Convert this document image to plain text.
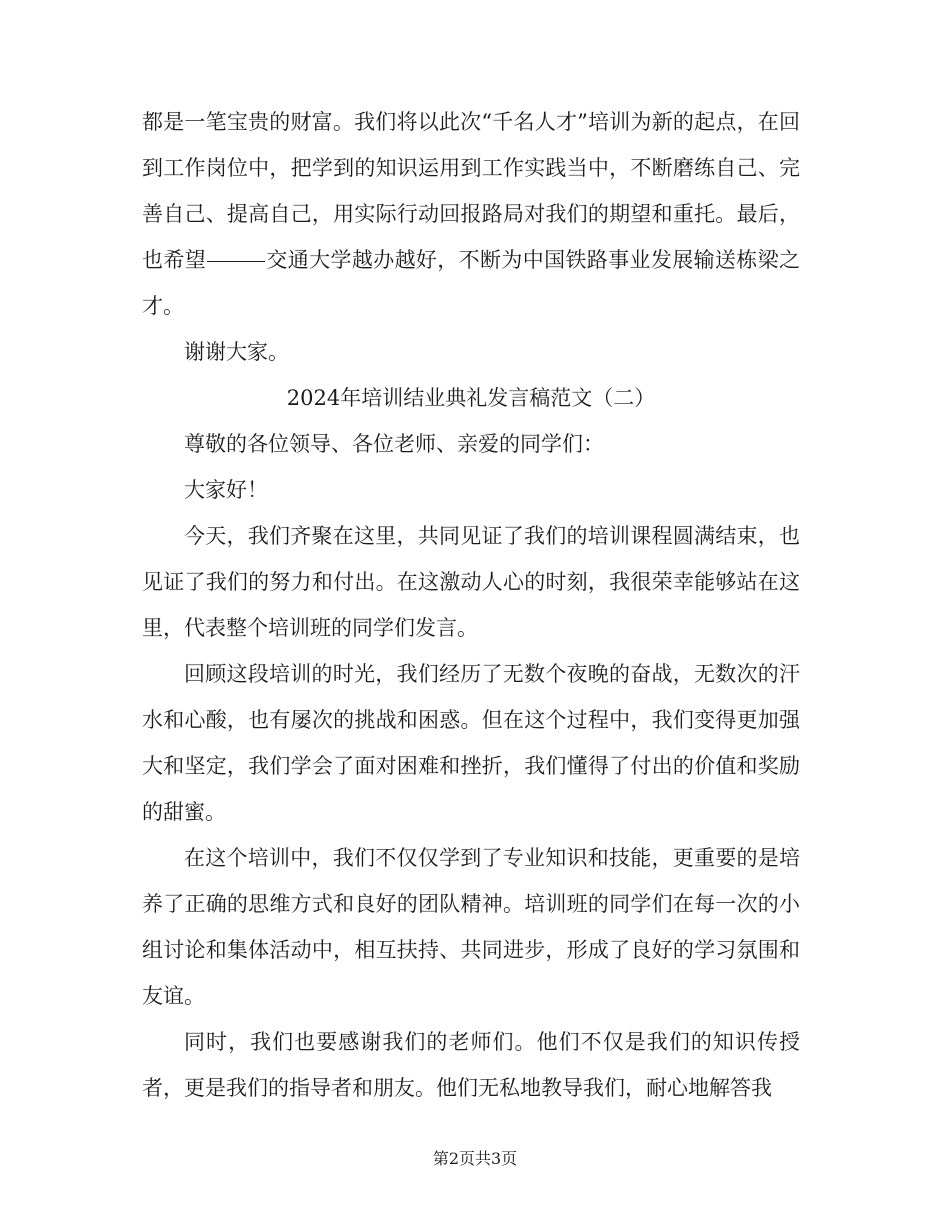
都是一笔宝贵的财富。我们将以此次“千名人才”培训为新的起点，在回到工作岗位中，把学到的知识运用到工作实践当中，不断磨练自己、完善自己、提高自己，用实际行动回报路局对我们的期望和重托。最后，也希望	交通大学越办越好，不断为中国铁路事业发展输送栋梁之才。

谢谢大家。

2024年培训结业典礼发言稿范文（二）

尊敬的各位领导、各位老师、亲爱的同学们：

大家好！

今天，我们齐聚在这里，共同见证了我们的培训课程圆满结束，也见证了我们的努力和付出。在这激动人心的时刻，我很荣幸能够站在这里，代表整个培训班的同学们发言。

回顾这段培训的时光，我们经历了无数个夜晚的奋战，无数次的汗水和心酸，也有屡次的挑战和困惑。但在这个过程中，我们变得更加强大和坚定，我们学会了面对困难和挫折，我们懂得了付出的价值和奖励的甜蜜。

在这个培训中，我们不仅仅学到了专业知识和技能，更重要的是培养了正确的思维方式和良好的团队精神。培训班的同学们在每一次的小组讨论和集体活动中，相互扶持、共同进步，形成了良好的学习氛围和友谊。

同时，我们也要感谢我们的老师们。他们不仅是我们的知识传授者，更是我们的指导者和朋友。他们无私地教导我们，耐心地解答我

第2页共3页
